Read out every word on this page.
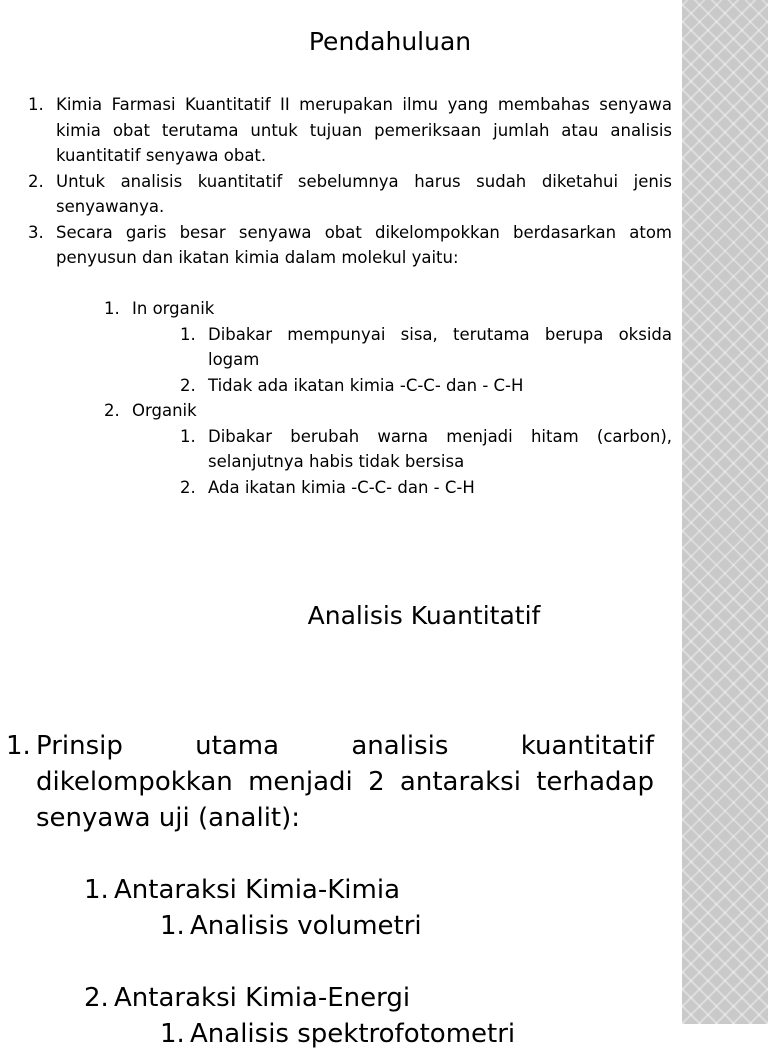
Pendahuluan
1. Kimia Farmasi Kuantitatif II merupakan ilmu yang membahas senyawa kimia obat terutama untuk tujuan pemeriksaan jumlah atau analisis kuantitatif senyawa obat.
2. Untuk analisis kuantitatif sebelumnya harus sudah diketahui jenis senyawanya.
3. Secara garis besar senyawa obat dikelompokkan berdasarkan atom penyusun dan ikatan kimia dalam molekul yaitu:
1. In organik
1. Dibakar mempunyai sisa, terutama berupa oksida logam
2. Tidak ada ikatan kimia -C-C- dan - C-H
2. Organik
1. Dibakar berubah warna menjadi hitam (carbon), selanjutnya habis tidak bersisa
2. Ada ikatan kimia -C-C- dan - C-H
Analisis Kuantitatif
1. Prinsip utama analisis kuantitatif dikelompokkan menjadi 2 antaraksi terhadap senyawa uji (analit):
1. Antaraksi Kimia-Kimia
1. Analisis volumetri
2. Antaraksi Kimia-Energi
1. Analisis spektrofotometri
